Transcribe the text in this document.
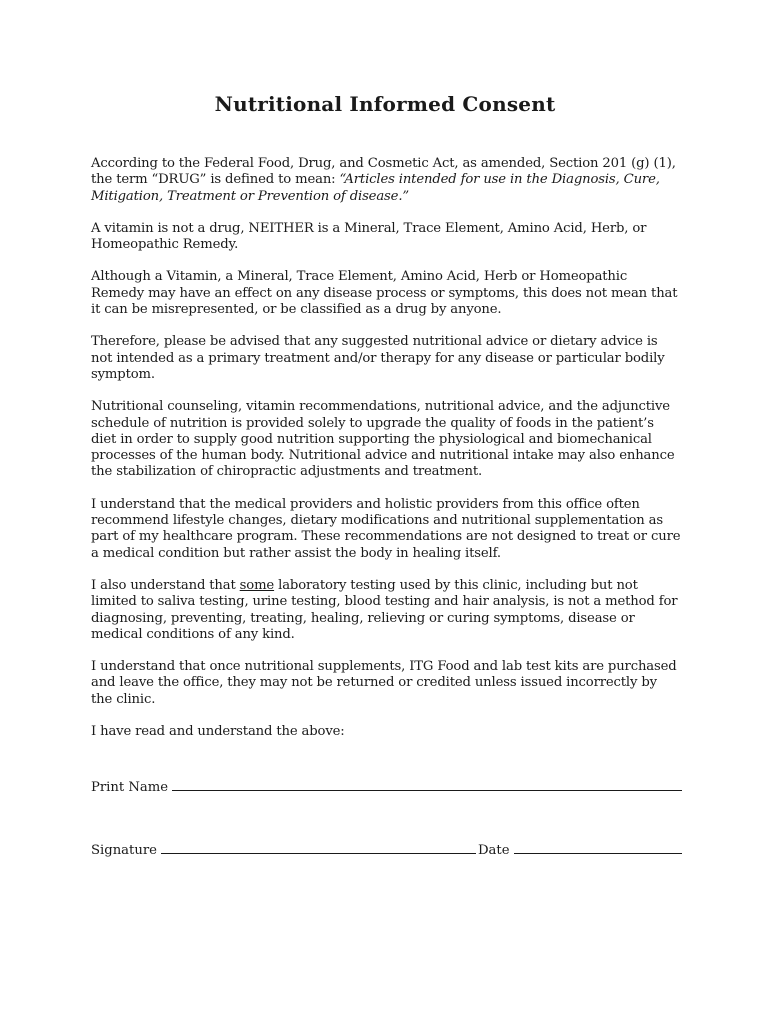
Nutritional Informed Consent

According to the Federal Food, Drug, and Cosmetic Act, as amended, Section 201 (g) (1), the term “DRUG” is defined to mean: “Articles intended for use in the Diagnosis, Cure, Mitigation, Treatment or Prevention of disease.”

A vitamin is not a drug, NEITHER is a Mineral, Trace Element, Amino Acid, Herb, or Homeopathic Remedy.

Although a Vitamin, a Mineral, Trace Element, Amino Acid, Herb or Homeopathic Remedy may have an effect on any disease process or symptoms, this does not mean that it can be misrepresented, or be classified as a drug by anyone.

Therefore, please be advised that any suggested nutritional advice or dietary advice is not intended as a primary treatment and/or therapy for any disease or particular bodily symptom.

Nutritional counseling, vitamin recommendations, nutritional advice, and the adjunctive schedule of nutrition is provided solely to upgrade the quality of foods in the patient’s diet in order to supply good nutrition supporting the physiological and biomechanical processes of the human body. Nutritional advice and nutritional intake may also enhance the stabilization of chiropractic adjustments and treatment.

I understand that the medical providers and holistic providers from this office often recommend lifestyle changes, dietary modifications and nutritional supplementation as part of my healthcare program. These recommendations are not designed to treat or cure a medical condition but rather assist the body in healing itself.

I also understand that some laboratory testing used by this clinic, including but not limited to saliva testing, urine testing, blood testing and hair analysis, is not a method for diagnosing, preventing, treating, healing, relieving or curing symptoms, disease or medical conditions of any kind.

I understand that once nutritional supplements, ITG Food and lab test kits are purchased and leave the office, they may not be returned or credited unless issued incorrectly by the clinic.

I have read and understand the above:

Print Name
Signature	Date
